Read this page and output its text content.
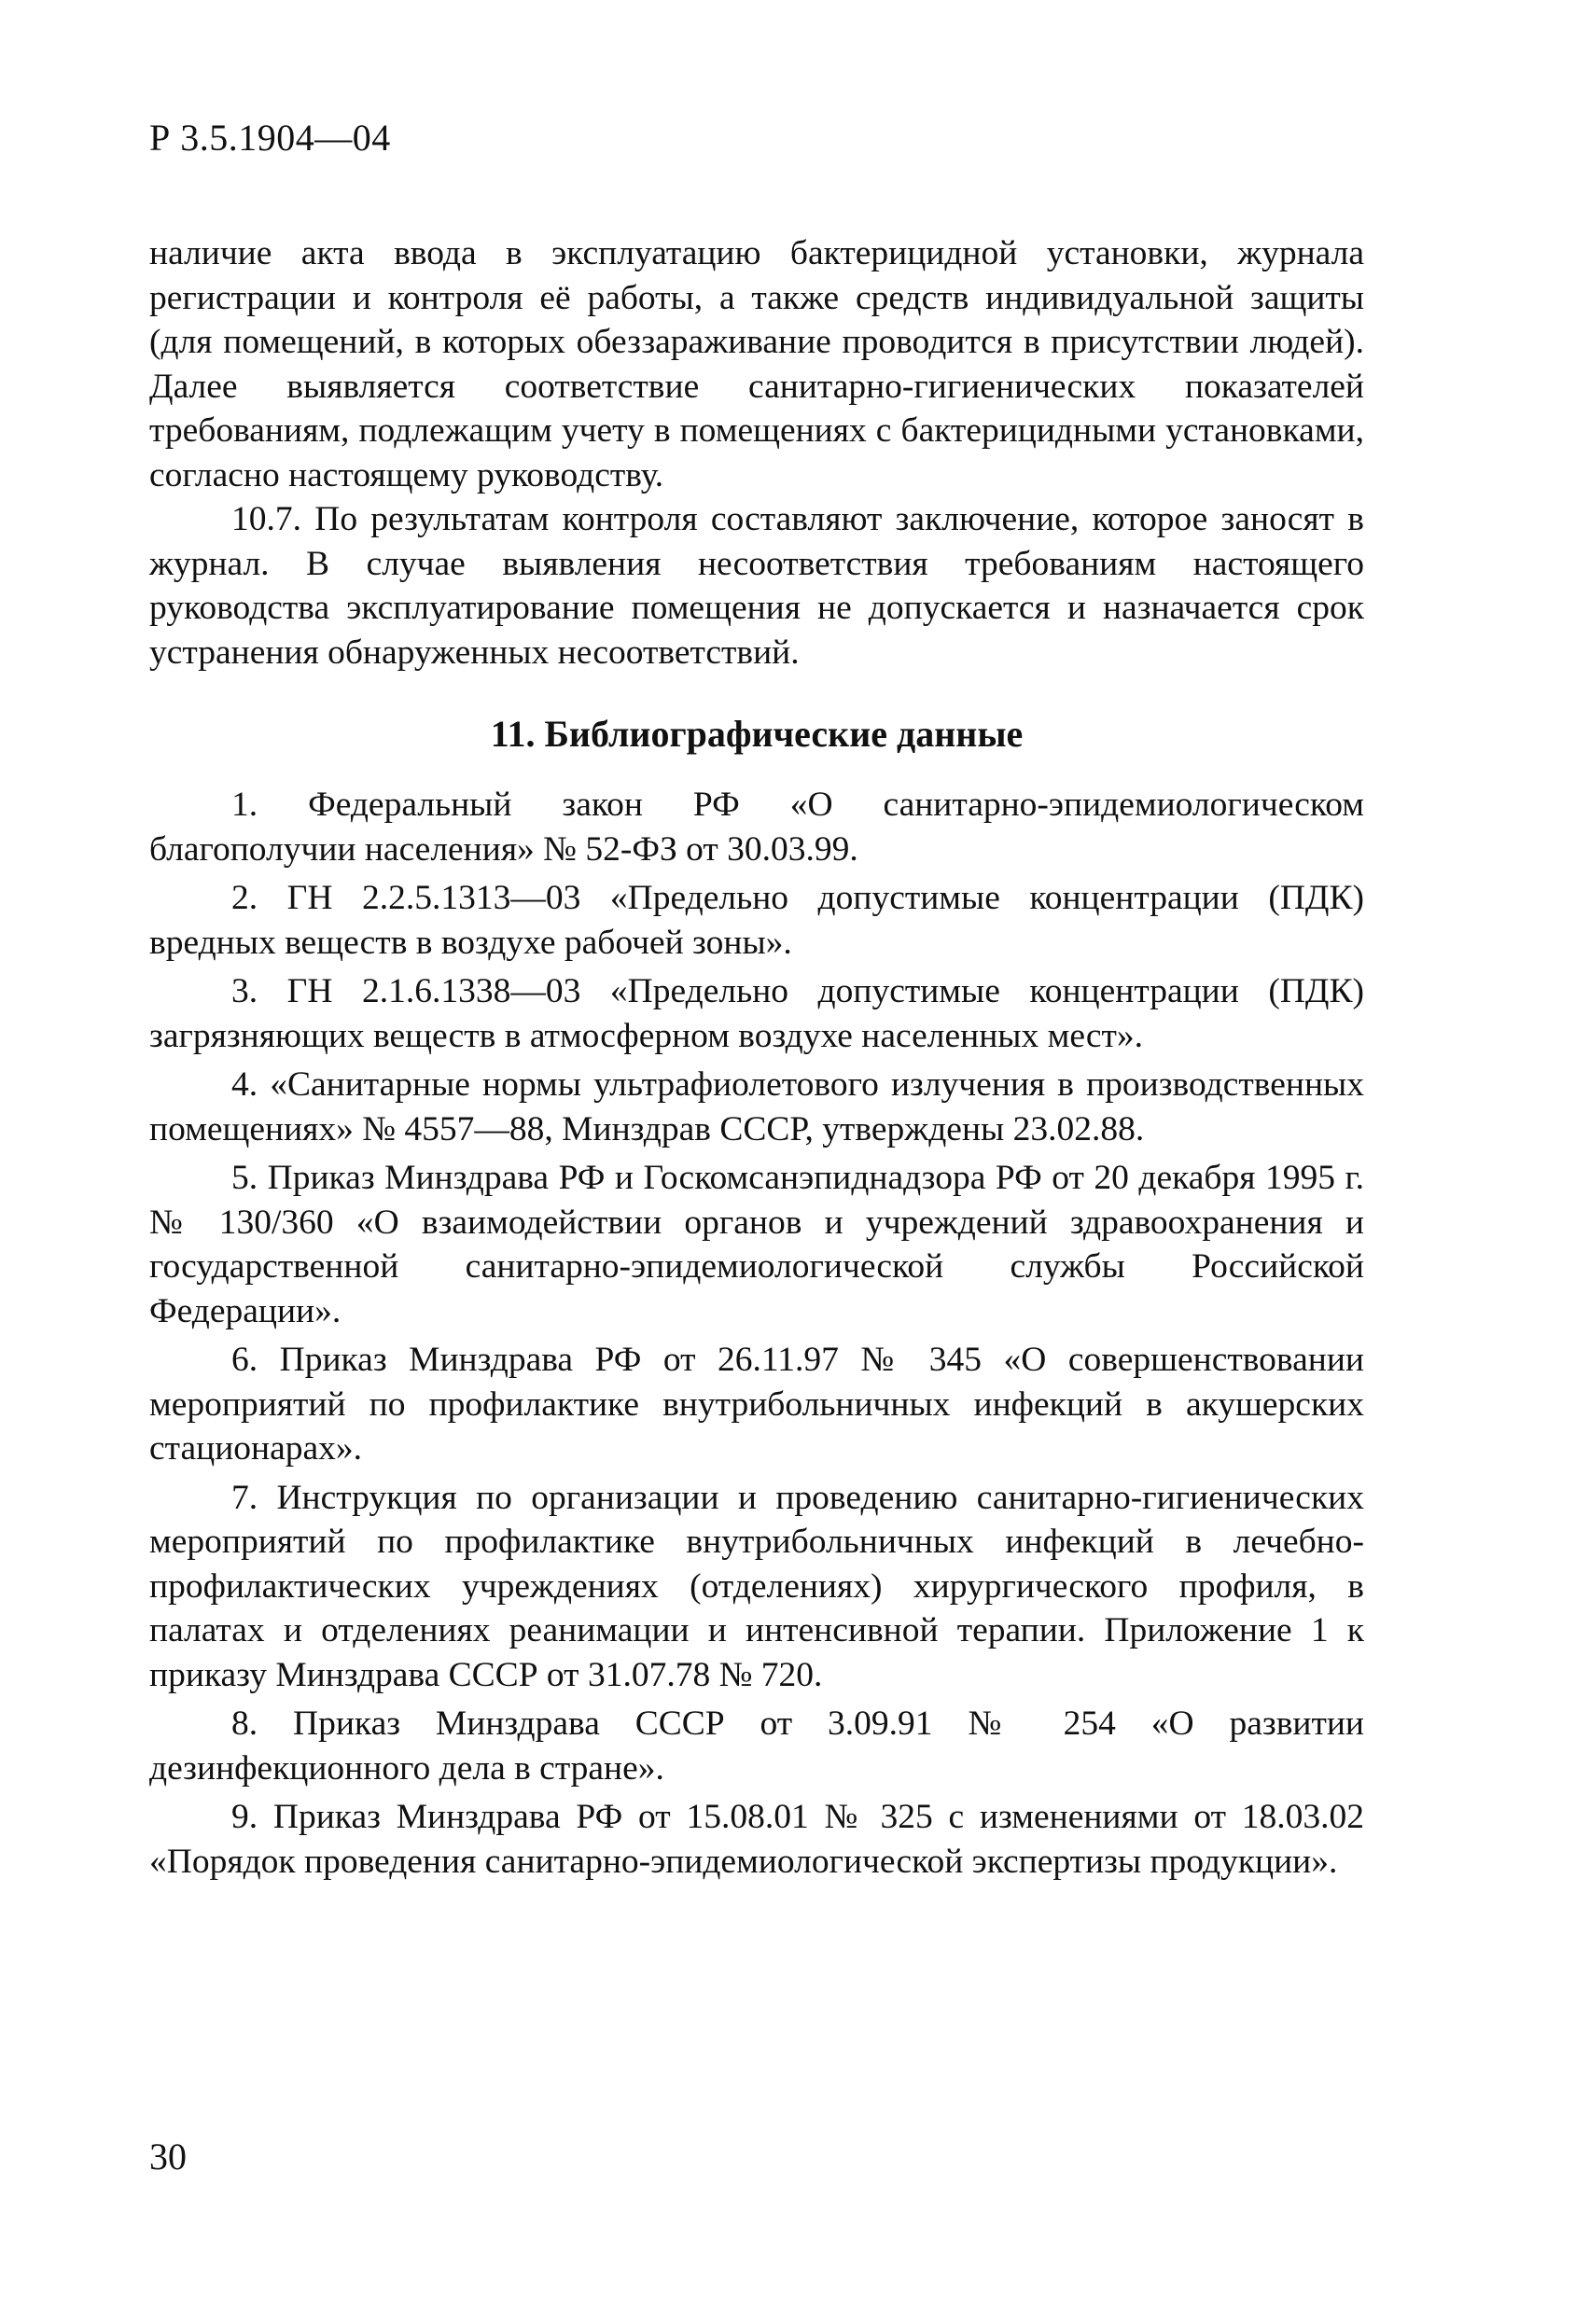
Р 3.5.1904—04

наличие акта ввода в эксплуатацию бактерицидной установки, журнала регистрации и контроля её работы, а также средств индивидуальной защиты (для помещений, в которых обеззараживание проводится в присутствии людей). Далее выявляется соответствие санитарно-гигиенических показателей требованиям, подлежащим учету в помещениях с бактерицидными установками, согласно настоящему руководству.

10.7. По результатам контроля составляют заключение, которое заносят в журнал. В случае выявления несоответствия требованиям настоящего руководства эксплуатирование помещения не допускается и назначается срок устранения обнаруженных несоответствий.

11. Библиографические данные
1. Федеральный закон РФ «О санитарно-эпидемиологическом благополучии населения» № 52-ФЗ от 30.03.99.
2. ГН 2.2.5.1313—03 «Предельно допустимые концентрации (ПДК) вредных веществ в воздухе рабочей зоны».
3. ГН 2.1.6.1338—03 «Предельно допустимые концентрации (ПДК) загрязняющих веществ в атмосферном воздухе населенных мест».
4. «Санитарные нормы ультрафиолетового излучения в производственных помещениях» № 4557—88, Минздрав СССР, утверждены 23.02.88.
5. Приказ Минздрава РФ и Госкомсанэпиднадзора РФ от 20 декабря 1995 г. № 130/360 «О взаимодействии органов и учреждений здравоохранения и государственной санитарно-эпидемиологической службы Российской Федерации».
6. Приказ Минздрава РФ от 26.11.97 № 345 «О совершенствовании мероприятий по профилактике внутрибольничных инфекций в акушерских стационарах».
7. Инструкция по организации и проведению санитарно-гигиенических мероприятий по профилактике внутрибольничных инфекций в лечебно-профилактических учреждениях (отделениях) хирургического профиля, в палатах и отделениях реанимации и интенсивной терапии. Приложение 1 к приказу Минздрава СССР от 31.07.78 № 720.
8. Приказ Минздрава СССР от 3.09.91 № 254 «О развитии дезинфекционного дела в стране».
9. Приказ Минздрава РФ от 15.08.01 № 325 с изменениями от 18.03.02 «Порядок проведения санитарно-эпидемиологической экспертизы продукции».
30
